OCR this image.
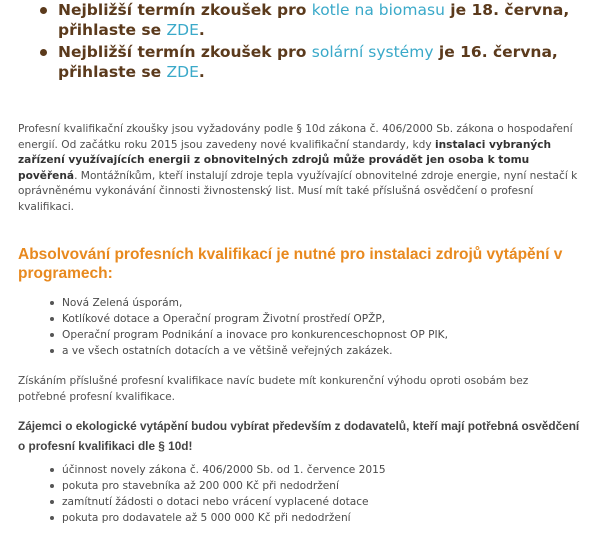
Nejbližší termín zkoušek pro kotle na biomasu je 18. června,
přihlaste se ZDE.
Nejbližší termín zkoušek pro solární systémy je 16. června,
přihlaste se ZDE.

Profesní kvalifikační zkoušky jsou vyžadovány podle § 10d zákona č. 406/2000 Sb. zákona o hospodaření energií. Od začátku roku 2015 jsou zavedeny nové kvalifikační standardy, kdy instalaci vybraných zařízení využívajících energii z obnovitelných zdrojů může provádět jen osoba k tomu pověřená. Montážníkům, kteří instalují zdroje tepla využívající obnovitelné zdroje energie, nyní nestačí k oprávněnému vykonávání činnosti živnostenský list. Musí mít také příslušná osvědčení o profesní kvalifikaci.

Absolvování profesních kvalifikací je nutné pro instalaci zdrojů vytápění v programech:
Nová Zelená úsporám,
Kotlíkové dotace a Operační program Životní prostředí OPŽP,
Operační program Podnikání a inovace pro konkurenceschopnost OP PIK,
a ve všech ostatních dotacích a ve většině veřejných zakázek.

Získáním příslušné profesní kvalifikace navíc budete mít konkurenční výhodu oproti osobám bez potřebné profesní kvalifikace.

Zájemci o ekologické vytápění budou vybírat především z dodavatelů, kteří mají potřebná osvědčení o profesní kvalifikaci dle § 10d!

účinnost novely zákona č. 406/2000 Sb. od 1. července 2015
pokuta pro stavebníka až 200 000 Kč při nedodržení
zamítnutí žádosti o dotaci nebo vrácení vyplacené dotace
pokuta pro dodavatele až 5 000 000 Kč při nedodržení
